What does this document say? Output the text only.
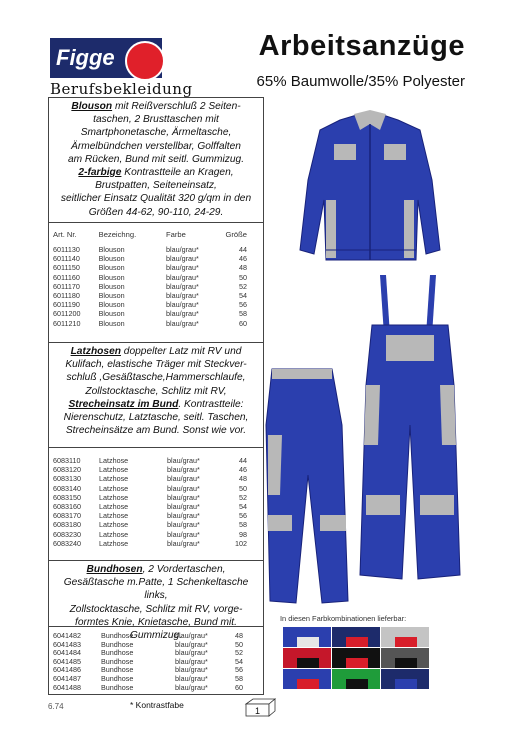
Figge
Berufsbekleidung
Arbeitsanzüge
65% Baumwolle/35% Polyester
Blouson mit Reißverschluß 2 Seiten-
taschen, 2 Brusttaschen mit
Smartphonetasche, Ärmeltasche,
Ärmelbündchen verstellbar, Golffalten
am Rücken, Bund mit seitl. Gummizug.
2-farbige Kontrastteile an Kragen,
Brustpatten, Seiteneinsatz,
seitlicher Einsatz Qualität 320 g/qm in den
Größen 44-62, 90-110, 24-29.
Art. Nr.	Bezeichng.	Farbe	Größe
6011130	Blouson	blau/grau*	44
6011140	Blouson	blau/grau*	46
6011150	Blouson	blau/grau*	48
6011160	Blouson	blau/grau*	50
6011170	Blouson	blau/grau*	52
6011180	Blouson	blau/grau*	54
6011190	Blouson	blau/grau*	56
6011200	Blouson	blau/grau*	58
6011210	Blouson	blau/grau*	60
Latzhosen doppelter Latz mit RV und
Kulifach, elastische Träger mit Steckver-
schluß ,Gesäßtasche,Hammerschlaufe,
Zollstocktasche, Schlitz mit RV,
Strecheinsatz im Bund. Kontrastteile:
Nierenschutz, Latztasche, seitl. Taschen,
Strecheinsätze am Bund. Sonst wie vor.

6083110	Latzhose	blau/grau*	44
6083120	Latzhose	blau/grau*	46
6083130	Latzhose	blau/grau*	48
6083140	Latzhose	blau/grau*	50
6083150	Latzhose	blau/grau*	52
6083160	Latzhose	blau/grau*	54
6083170	Latzhose	blau/grau*	56
6083180	Latzhose	blau/grau*	58
6083230	Latzhose	blau/grau*	98
6083240	Latzhose	blau/grau*	102
Bundhosen, 2 Vordertaschen,
Gesäßtasche m.Patte, 1 Schenkeltasche links,
Zollstocktasche, Schlitz mit RV, vorge-
formtes Knie, Knietasche, Bund mit.
Gummizug.

6041482	Bundhose	blau/grau*	48
6041483	Bundhose	blau/grau*	50
6041484	Bundhose	blau/grau*	52
6041485	Bundhose	blau/grau*	54
6041486	Bundhose	blau/grau*	56
6041487	Bundhose	blau/grau*	58
6041488	Bundhose	blau/grau*	60
In diesen Farbkombinationen lieferbar:
6.74	* Kontrastfabe
1
